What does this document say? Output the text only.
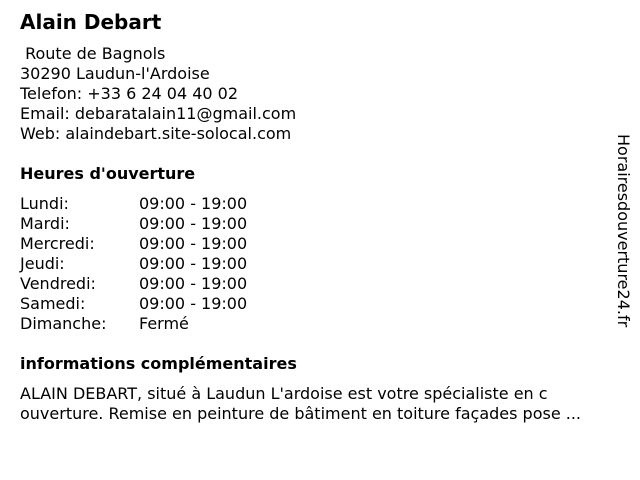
Alain Debart
Route de Bagnols
30290 Laudun-l'Ardoise
Telefon: +33 6 24 04 40 02
Email: debaratalain11@gmail.com
Web: alaindebart.site-solocal.com
Heures d'ouverture
Lundi:	09:00 - 19:00
Mardi:	09:00 - 19:00
Mercredi:	09:00 - 19:00
Jeudi:	09:00 - 19:00
Vendredi:	09:00 - 19:00
Samedi:	09:00 - 19:00
Dimanche: Fermé
informations complémentaires
ALAIN DEBART, situé à Laudun L'ardoise est votre spécialiste en c
ouverture. Remise en peinture de bâtiment en toiture façades pose ...
Horairesdouverture24.fr
